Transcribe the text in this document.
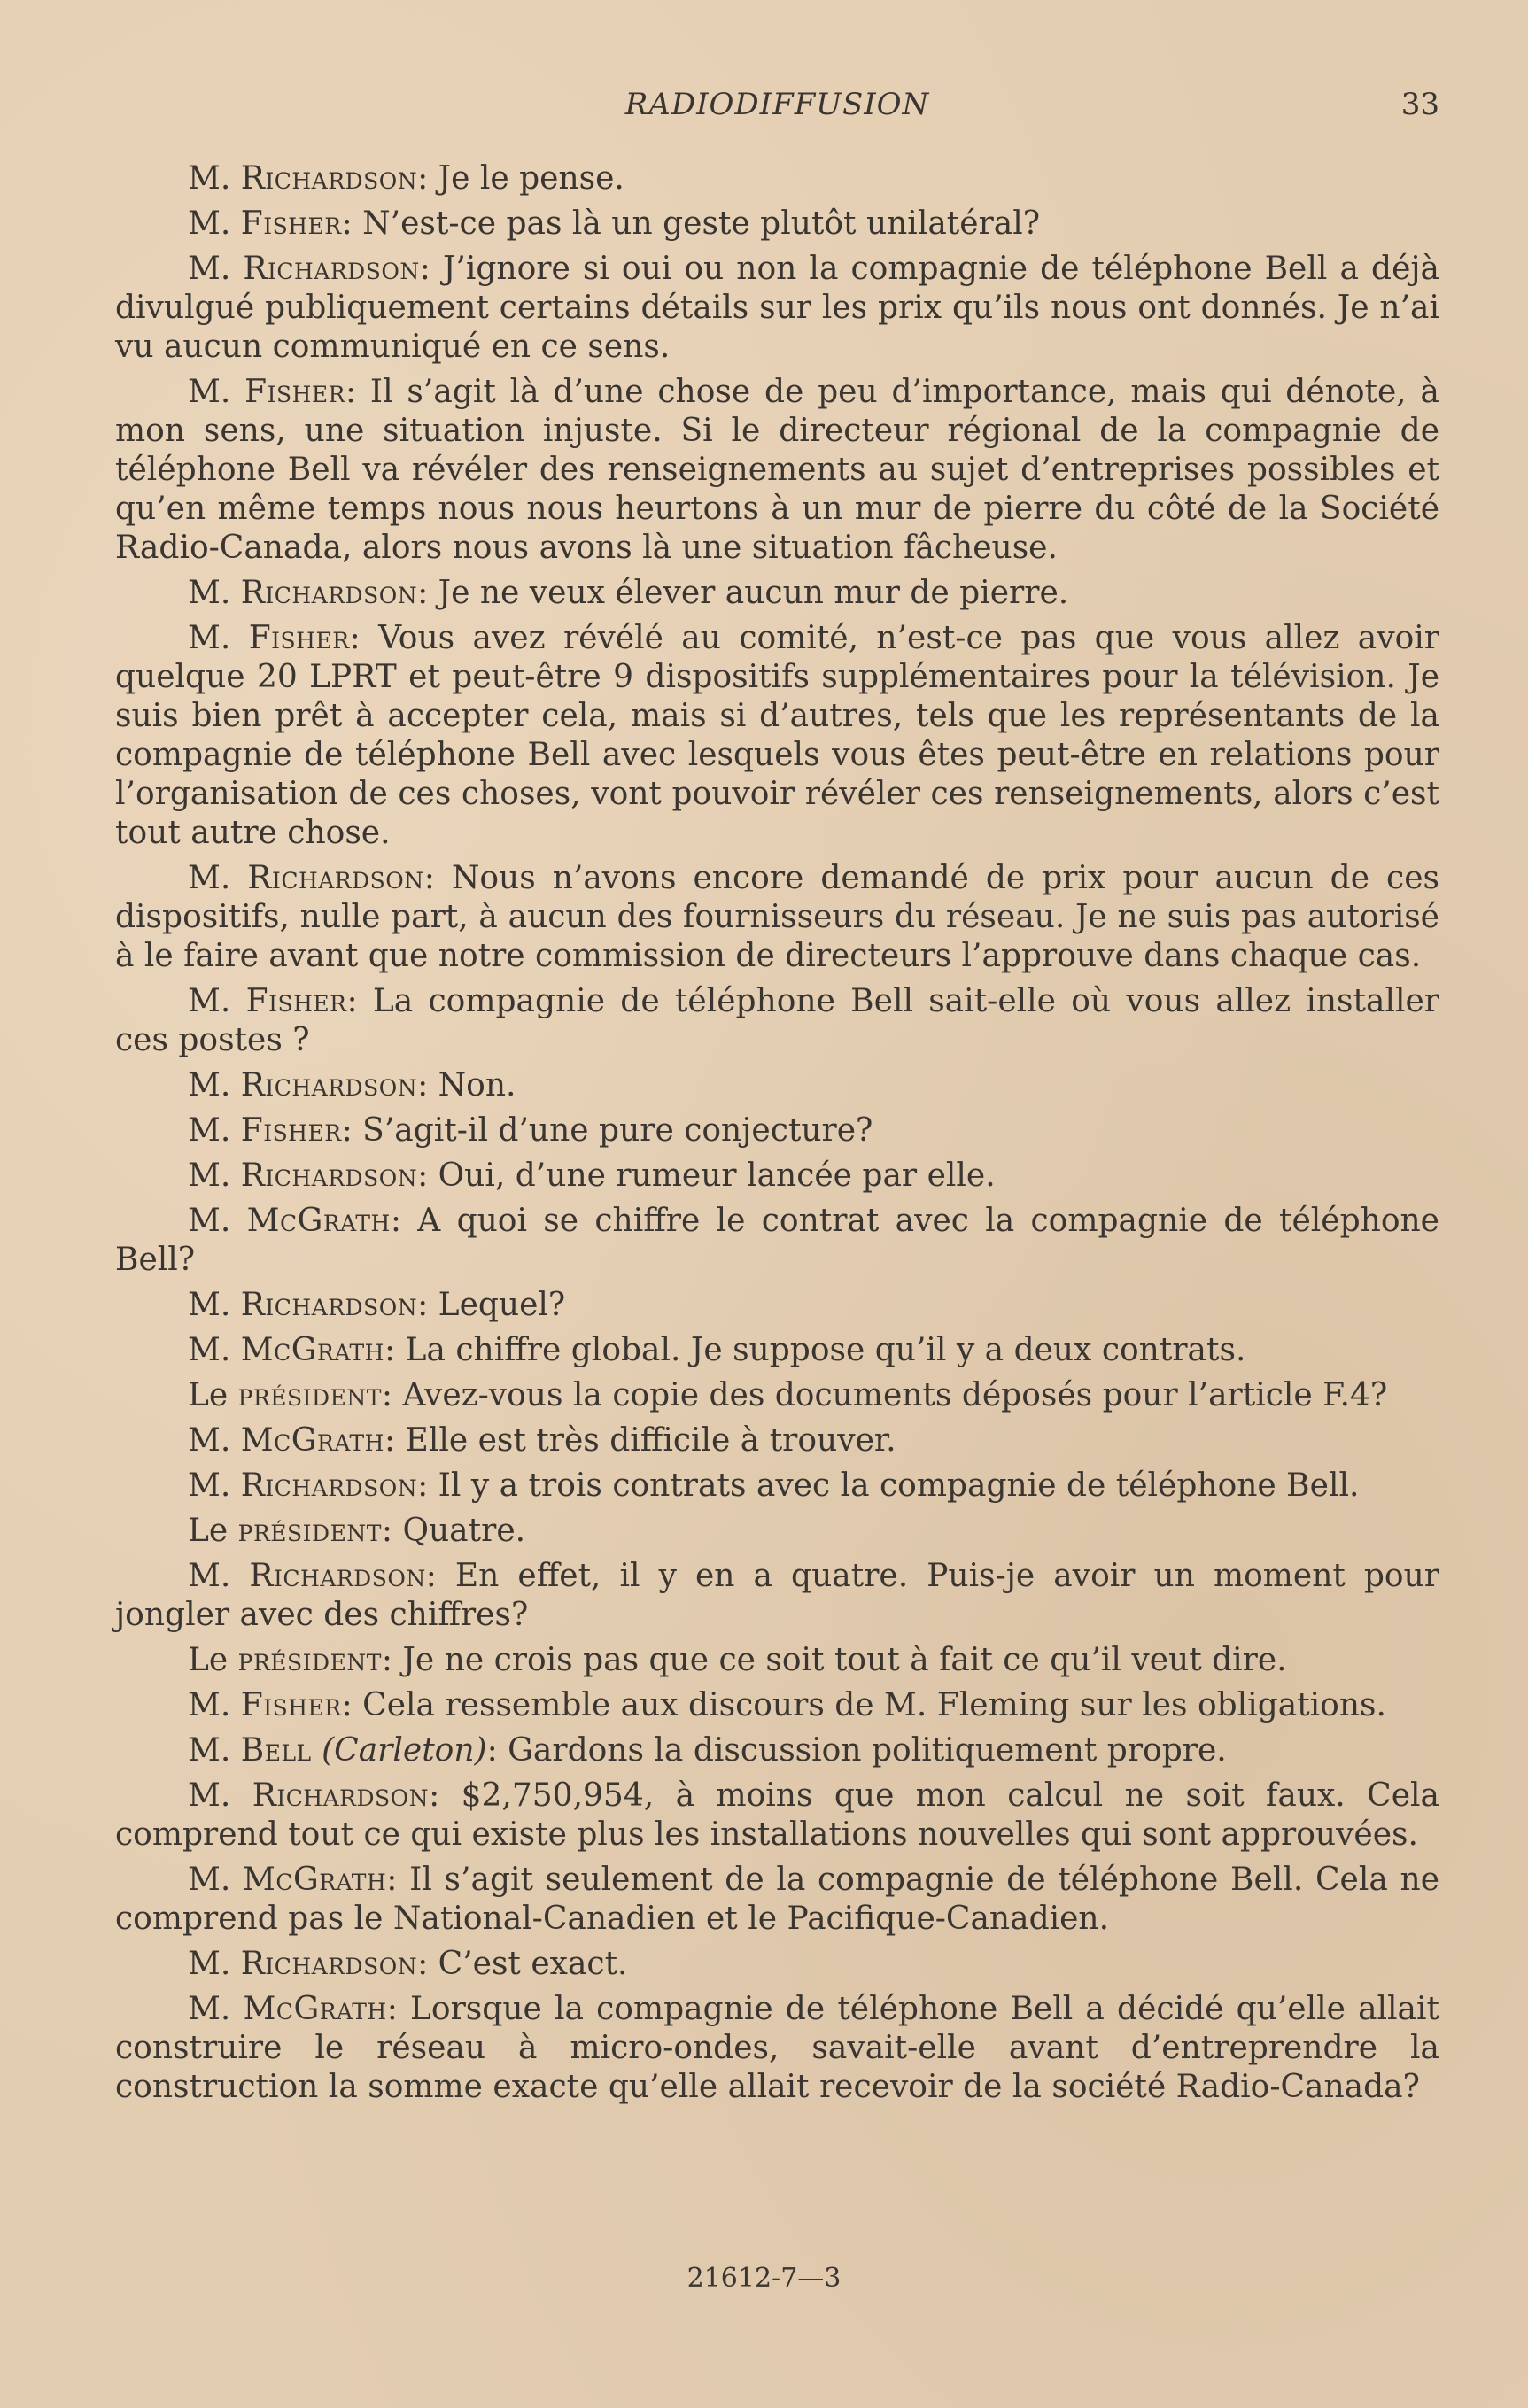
RADIODIFFUSION	33

M. Richardson: Je le pense.

M. Fisher: N’est-ce pas là un geste plutôt unilatéral?

M. Richardson: J’ignore si oui ou non la compagnie de téléphone Bell a déjà divulgué publiquement certains détails sur les prix qu’ils nous ont donnés. Je n’ai vu aucun communiqué en ce sens.

M. Fisher: Il s’agit là d’une chose de peu d’importance, mais qui dénote, à mon sens, une situation injuste. Si le directeur régional de la compagnie de téléphone Bell va révéler des renseignements au sujet d’entreprises possibles et qu’en même temps nous nous heurtons à un mur de pierre du côté de la Société Radio-Canada, alors nous avons là une situation fâcheuse.

M. Richardson: Je ne veux élever aucun mur de pierre.

M. Fisher: Vous avez révélé au comité, n’est-ce pas que vous allez avoir quelque 20 LPRT et peut-être 9 dispositifs supplémentaires pour la télévision. Je suis bien prêt à accepter cela, mais si d’autres, tels que les représentants de la compagnie de téléphone Bell avec lesquels vous êtes peut-être en relations pour l’organisation de ces choses, vont pouvoir révéler ces renseignements, alors c’est tout autre chose.

M. Richardson: Nous n’avons encore demandé de prix pour aucun de ces dispositifs, nulle part, à aucun des fournisseurs du réseau. Je ne suis pas autorisé à le faire avant que notre commission de directeurs l’approuve dans chaque cas.

M. Fisher: La compagnie de téléphone Bell sait-elle où vous allez installer ces postes ?

M. Richardson: Non.

M. Fisher: S’agit-il d’une pure conjecture?

M. Richardson: Oui, d’une rumeur lancée par elle.

M. McGrath: A quoi se chiffre le contrat avec la compagnie de téléphone Bell?

M. Richardson: Lequel?

M. McGrath: La chiffre global. Je suppose qu’il y a deux contrats.

Le président: Avez-vous la copie des documents déposés pour l’article F.4?

M. McGrath: Elle est très difficile à trouver.

M. Richardson: Il y a trois contrats avec la compagnie de téléphone Bell.

Le président: Quatre.

M. Richardson: En effet, il y en a quatre. Puis-je avoir un moment pour jongler avec des chiffres?

Le président: Je ne crois pas que ce soit tout à fait ce qu’il veut dire.

M. Fisher: Cela ressemble aux discours de M. Fleming sur les obligations.

M. Bell (Carleton): Gardons la discussion politiquement propre.

M. Richardson: $2,750,954, à moins que mon calcul ne soit faux. Cela comprend tout ce qui existe plus les installations nouvelles qui sont approuvées.

M. McGrath: Il s’agit seulement de la compagnie de téléphone Bell. Cela ne comprend pas le National-Canadien et le Pacifique-Canadien.

M. Richardson: C’est exact.

M. McGrath: Lorsque la compagnie de téléphone Bell a décidé qu’elle allait construire le réseau à micro-ondes, savait-elle avant d’entreprendre la construction la somme exacte qu’elle allait recevoir de la société Radio-Canada?

21612-7—3
